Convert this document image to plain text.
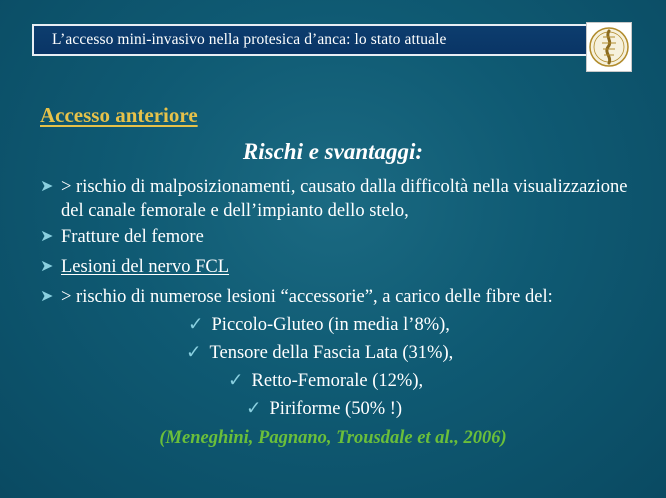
L’accesso mini-invasivo nella protesica d’anca: lo stato attuale
Accesso anteriore
Rischi e svantaggi:
➤ > rischio di malposizionamenti, causato dalla difficoltà nella visualizzazione del canale femorale e dell’impianto dello stelo,
➤ Fratture del femore
➤ Lesioni del nervo FCL
➤ > rischio di numerose lesioni “accessorie”, a carico delle fibre del:
✓ Piccolo-Gluteo (in media l’8%),
✓ Tensore della Fascia Lata (31%),
✓ Retto-Femorale (12%),
✓ Piriforme (50% !)
(Meneghini, Pagnano, Trousdale et al., 2006)
